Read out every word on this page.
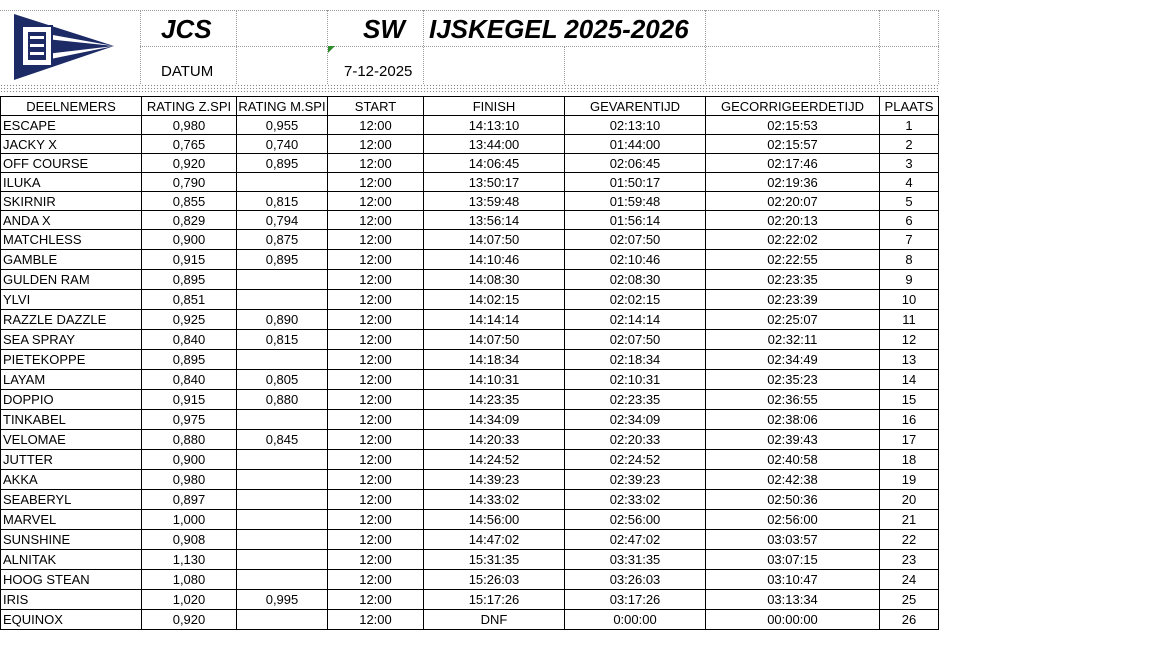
JCS	SW IJSKEGEL 2025-2026
DATUM	7-12-2025
DEELNEMERS	RATING Z.SPI	RATING M.SPI	START	FINISH	GEVARENTIJD	GECORRIGEERDETIJD	PLAATS
ESCAPE	0,980	0,955	12:00	14:13:10	02:13:10	02:15:53	1
JACKY X	0,765	0,740	12:00	13:44:00	01:44:00	02:15:57	2
OFF COURSE	0,920	0,895	12:00	14:06:45	02:06:45	02:17:46	3
ILUKA	0,790		12:00	13:50:17	01:50:17	02:19:36	4
SKIRNIR	0,855	0,815	12:00	13:59:48	01:59:48	02:20:07	5
ANDA X	0,829	0,794	12:00	13:56:14	01:56:14	02:20:13	6
MATCHLESS	0,900	0,875	12:00	14:07:50	02:07:50	02:22:02	7
GAMBLE	0,915	0,895	12:00	14:10:46	02:10:46	02:22:55	8
GULDEN RAM	0,895		12:00	14:08:30	02:08:30	02:23:35	9
YLVI	0,851		12:00	14:02:15	02:02:15	02:23:39	10
RAZZLE DAZZLE	0,925	0,890	12:00	14:14:14	02:14:14	02:25:07	11
SEA SPRAY	0,840	0,815	12:00	14:07:50	02:07:50	02:32:11	12
PIETEKOPPE	0,895		12:00	14:18:34	02:18:34	02:34:49	13
LAYAM	0,840	0,805	12:00	14:10:31	02:10:31	02:35:23	14
DOPPIO	0,915	0,880	12:00	14:23:35	02:23:35	02:36:55	15
TINKABEL	0,975		12:00	14:34:09	02:34:09	02:38:06	16
VELOMAE	0,880	0,845	12:00	14:20:33	02:20:33	02:39:43	17
JUTTER	0,900		12:00	14:24:52	02:24:52	02:40:58	18
AKKA	0,980		12:00	14:39:23	02:39:23	02:42:38	19
SEABERYL	0,897		12:00	14:33:02	02:33:02	02:50:36	20
MARVEL	1,000		12:00	14:56:00	02:56:00	02:56:00	21
SUNSHINE	0,908		12:00	14:47:02	02:47:02	03:03:57	22
ALNITAK	1,130		12:00	15:31:35	03:31:35	03:07:15	23
HOOG STEAN	1,080		12:00	15:26:03	03:26:03	03:10:47	24
IRIS	1,020	0,995	12:00	15:17:26	03:17:26	03:13:34	25
EQUINOX	0,920		12:00	DNF	0:00:00	00:00:00	26
